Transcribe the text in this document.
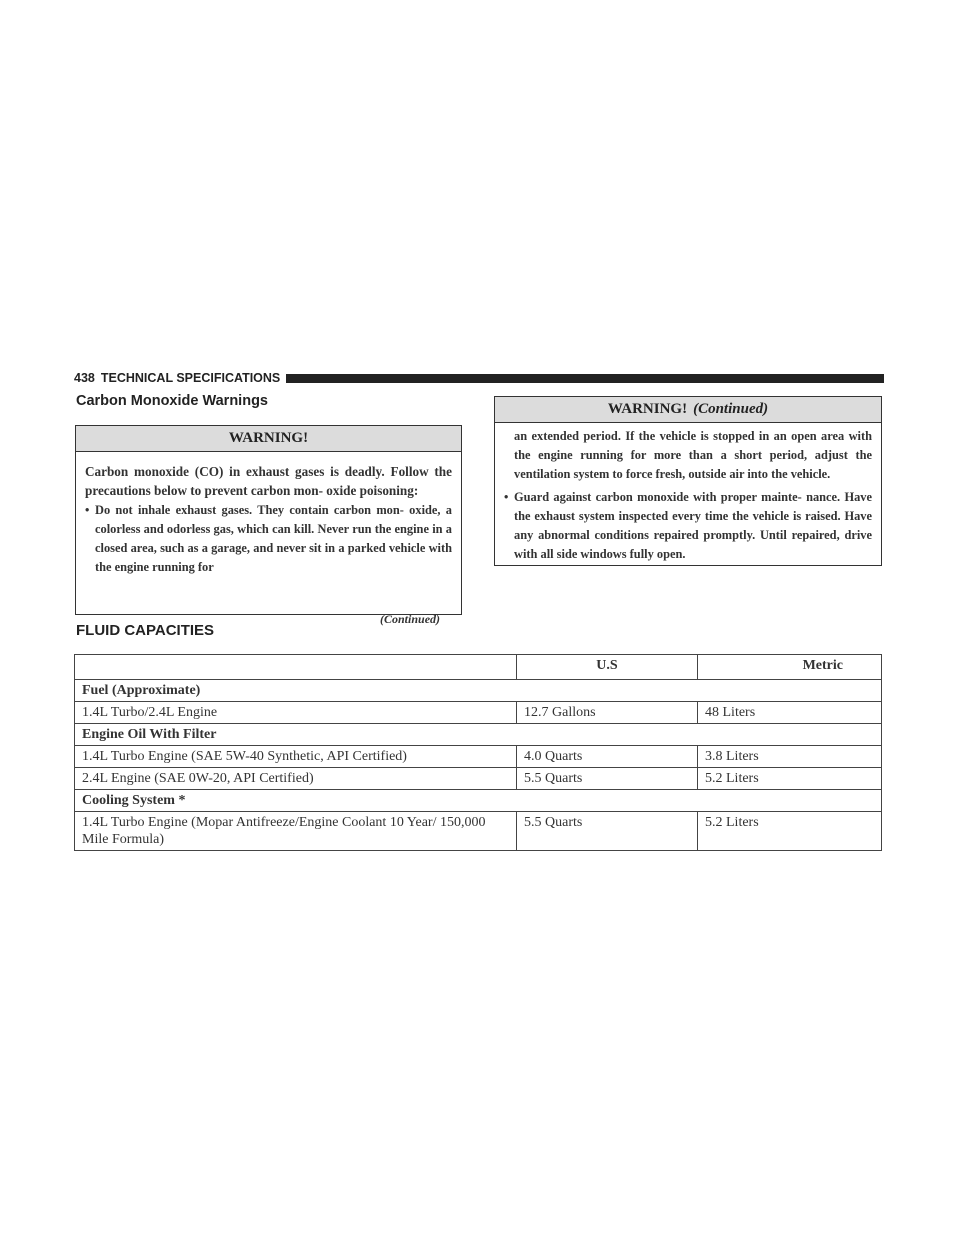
438 TECHNICAL SPECIFICATIONS
Carbon Monoxide Warnings
WARNING!
Carbon monoxide (CO) in exhaust gases is deadly. Follow the precautions below to prevent carbon mon- oxide poisoning:
• Do not inhale exhaust gases. They contain carbon mon- oxide, a colorless and odorless gas, which can kill. Never run the engine in a closed area, such as a garage, and never sit in a parked vehicle with the engine running for
(Continued)
WARNING! (Continued)
an extended period. If the vehicle is stopped in an open area with the engine running for more than a short period, adjust the ventilation system to force fresh, outside air into the vehicle.
• Guard against carbon monoxide with proper mainte- nance. Have the exhaust system inspected every time the vehicle is raised. Have any abnormal conditions repaired promptly. Until repaired, drive with all side windows fully open.
FLUID CAPACITIES
	U.S	Metric
Fuel (Approximate)		
1.4L Turbo/2.4L Engine	12.7 Gallons	48 Liters
Engine Oil With Filter		
1.4L Turbo Engine (SAE 5W-40 Synthetic, API Certified)	4.0 Quarts	3.8 Liters
2.4L Engine (SAE 0W-20, API Certified)	5.5 Quarts	5.2 Liters
Cooling System *		
1.4L Turbo Engine (Mopar Antifreeze/Engine Coolant 10 Year/ 150,000 Mile Formula)	5.5 Quarts	5.2 Liters
